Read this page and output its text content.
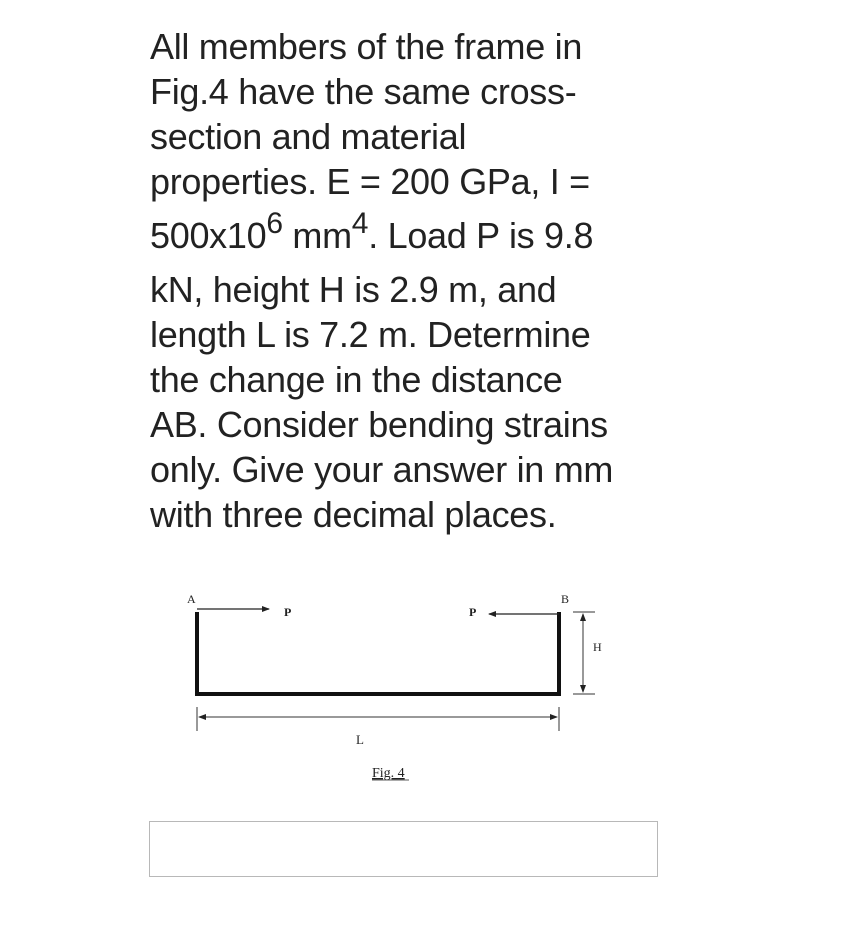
All members of the frame in
Fig.4 have the same cross-
section and material
properties. E = 200 GPa, I =
$500x10^6$ $mm^4$. Load P is 9.8
kN, height H is 2.9 m, and
length L is 7.2 m. Determine
the change in the distance
AB. Consider bending strains
only. Give your answer in mm
with three decimal places.
A	B
P	P
H
L
Fig. 4
